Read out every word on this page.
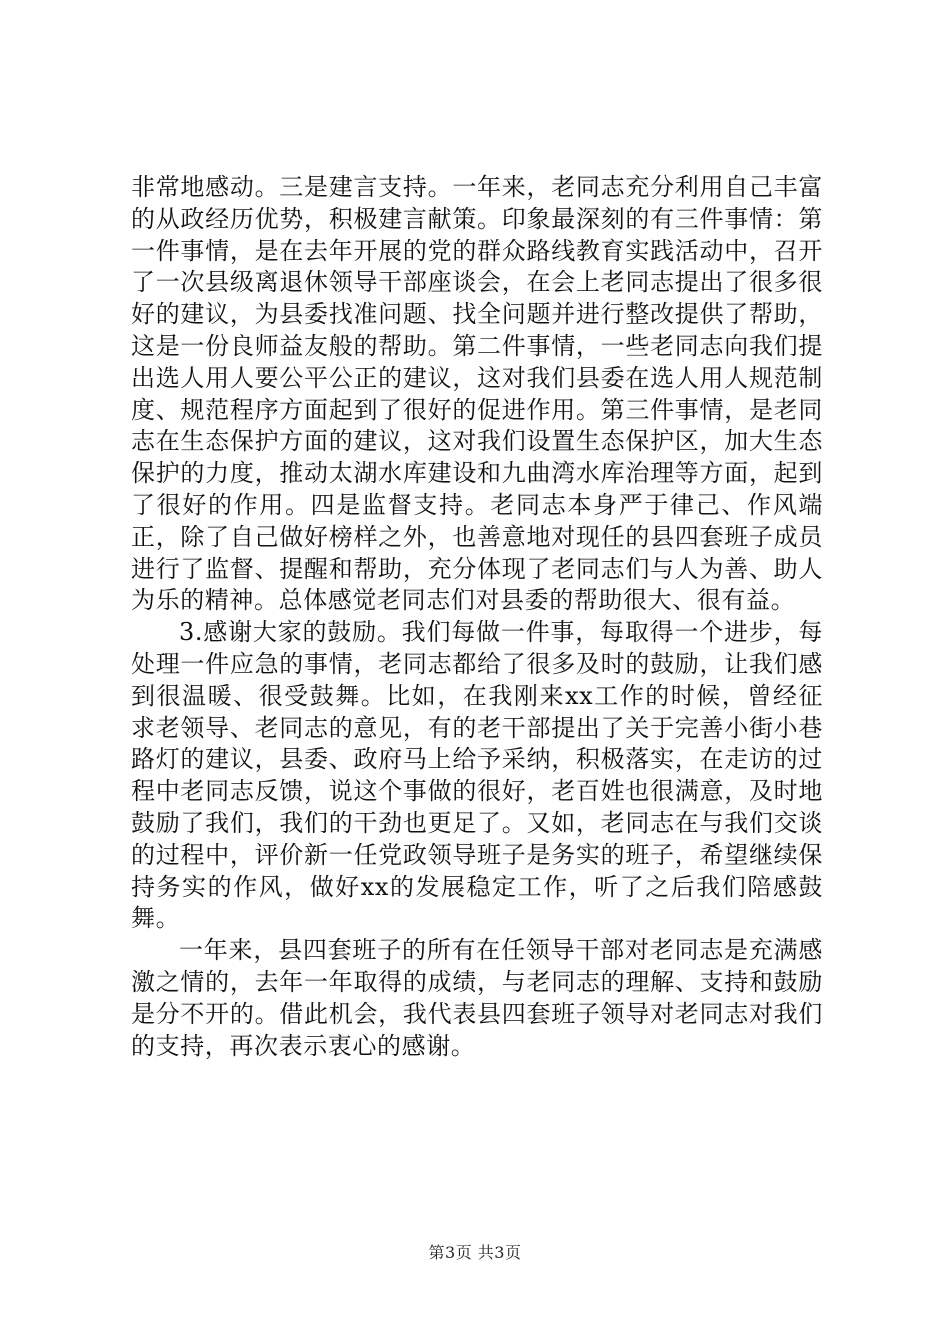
非常地感动。三是建言支持。一年来，老同志充分利用自己丰富的从政经历优势，积极建言献策。印象最深刻的有三件事情：第一件事情，是在去年开展的党的群众路线教育实践活动中，召开了一次县级离退休领导干部座谈会，在会上老同志提出了很多很好的建议，为县委找准问题、找全问题并进行整改提供了帮助，这是一份良师益友般的帮助。第二件事情，一些老同志向我们提出选人用人要公平公正的建议，这对我们县委在选人用人规范制度、规范程序方面起到了很好的促进作用。第三件事情，是老同志在生态保护方面的建议，这对我们设置生态保护区，加大生态保护的力度，推动太湖水库建设和九曲湾水库治理等方面，起到了很好的作用。四是监督支持。老同志本身严于律己、作风端正，除了自己做好榜样之外，也善意地对现任的县四套班子成员进行了监督、提醒和帮助，充分体现了老同志们与人为善、助人为乐的精神。总体感觉老同志们对县委的帮助很大、很有益。

3.感谢大家的鼓励。我们每做一件事，每取得一个进步，每处理一件应急的事情，老同志都给了很多及时的鼓励，让我们感到很温暖、很受鼓舞。比如，在我刚来xx工作的时候，曾经征求老领导、老同志的意见，有的老干部提出了关于完善小街小巷路灯的建议，县委、政府马上给予采纳，积极落实，在走访的过程中老同志反馈，说这个事做的很好，老百姓也很满意，及时地鼓励了我们，我们的干劲也更足了。又如，老同志在与我们交谈的过程中，评价新一任党政领导班子是务实的班子，希望继续保持务实的作风，做好xx的发展稳定工作，听了之后我们陪感鼓舞。

一年来，县四套班子的所有在任领导干部对老同志是充满感激之情的，去年一年取得的成绩，与老同志的理解、支持和鼓励是分不开的。借此机会，我代表县四套班子领导对老同志对我们的支持，再次表示衷心的感谢。

第3页 共3页
